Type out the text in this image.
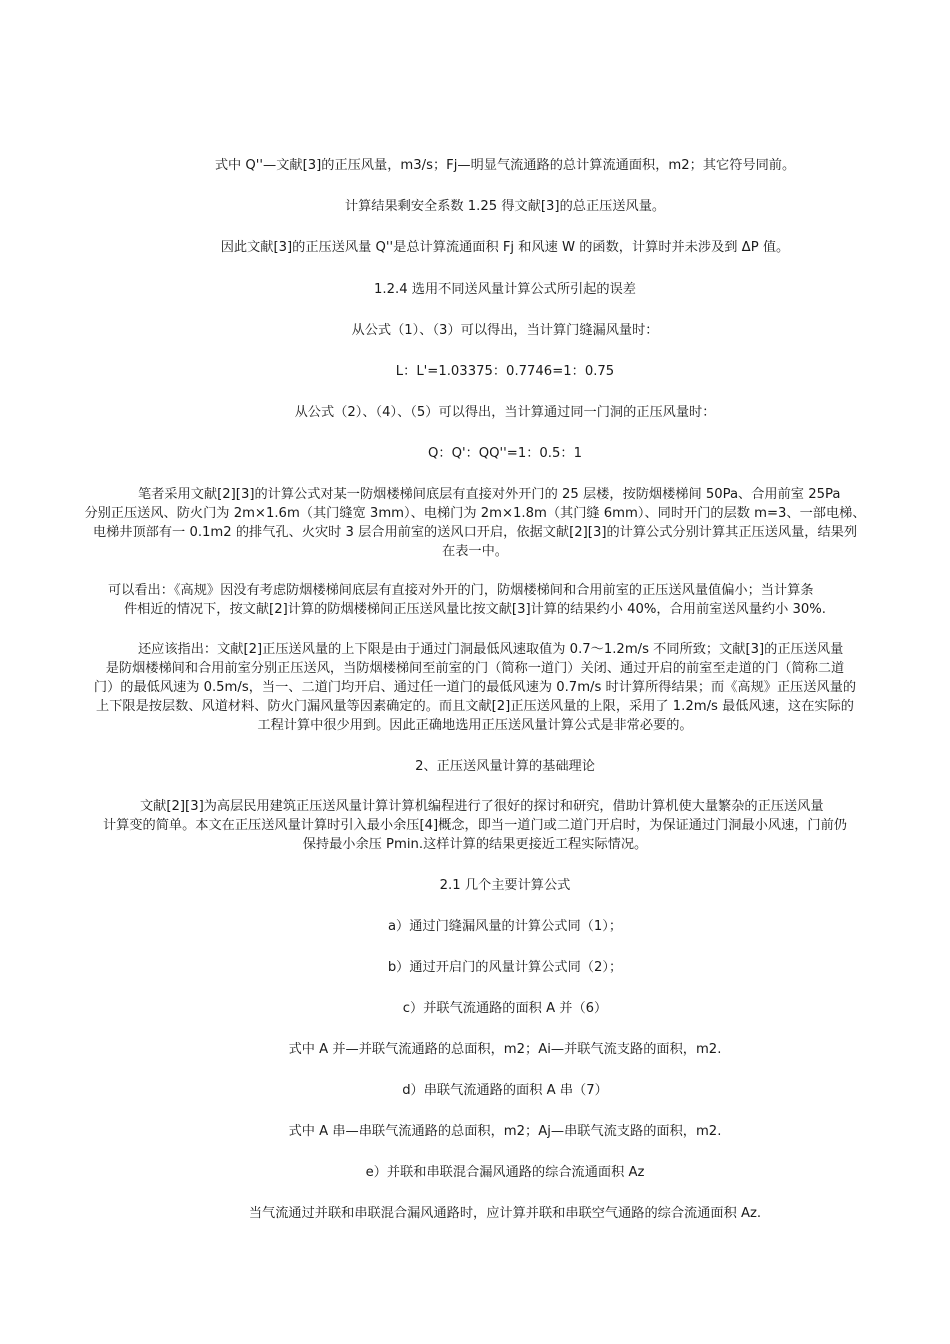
式中 Q''—文献[3]的正压风量，m3/s；Fj—明显气流通路的总计算流通面积，m2；其它符号同前。

计算结果剩安全系数 1.25 得文献[3]的总正压送风量。

因此文献[3]的正压送风量 Q''是总计算流通面积 Fj 和风速 W 的函数，计算时并未涉及到 ΔP 值。

1.2.4 选用不同送风量计算公式所引起的误差

从公式（1）、（3）可以得出，当计算门缝漏风量时：

L：L'=1.03375：0.7746=1：0.75

从公式（2）、（4）、（5）可以得出，当计算通过同一门洞的正压风量时：

Q：Q'：QQ''=1：0.5：1

笔者采用文献[2][3]的计算公式对某一防烟楼梯间底层有直接对外开门的 25 层楼，按防烟楼梯间 50Pa、合用前室 25Pa
分别正压送风、防火门为 2m×1.6m（其门缝宽 3mm）、电梯门为 2m×1.8m（其门缝 6mm）、同时开门的层数 m=3、一部电梯、
电梯井顶部有一 0.1m2 的排气孔、火灾时 3 层合用前室的送风口开启，依据文献[2][3]的计算公式分别计算其正压送风量，结果列
在表一中。
可以看出：《高规》因没有考虑防烟楼梯间底层有直接对外开的门，防烟楼梯间和合用前室的正压送风量值偏小；当计算条
件相近的情况下，按文献[2]计算的防烟楼梯间正压送风量比按文献[3]计算的结果约小 40%，合用前室送风量约小 30%.
还应该指出：文献[2]正压送风量的上下限是由于通过门洞最低风速取值为 0.7～1.2m/s 不同所致；文献[3]的正压送风量
是防烟楼梯间和合用前室分别正压送风，当防烟楼梯间至前室的门（简称一道门）关闭、通过开启的前室至走道的门（简称二道
门）的最低风速为 0.5m/s，当一、二道门均开启、通过任一道门的最低风速为 0.7m/s 时计算所得结果；而《高规》正压送风量的
上下限是按层数、风道材料、防火门漏风量等因素确定的。而且文献[2]正压送风量的上限，采用了 1.2m/s 最低风速，这在实际的
工程计算中很少用到。因此正确地选用正压送风量计算公式是非常必要的。

2、正压送风量计算的基础理论

文献[2][3]为高层民用建筑正压送风量计算计算机编程进行了很好的探讨和研究，借助计算机使大量繁杂的正压送风量
计算变的简单。本文在正压送风量计算时引入最小余压[4]概念，即当一道门或二道门开启时，为保证通过门洞最小风速，门前仍
保持最小余压 Pmin.这样计算的结果更接近工程实际情况。

2.1 几个主要计算公式

a）通过门缝漏风量的计算公式同（1）；

b）通过开启门的风量计算公式同（2）；

c）并联气流通路的面积 A 并（6）

式中 A 并—并联气流通路的总面积，m2；Ai—并联气流支路的面积，m2.

d）串联气流通路的面积 A 串（7）

式中 A 串—串联气流通路的总面积，m2；Aj—串联气流支路的面积，m2.

e）并联和串联混合漏风通路的综合流通面积 Az

当气流通过并联和串联混合漏风通路时，应计算并联和串联空气通路的综合流通面积 Az.
